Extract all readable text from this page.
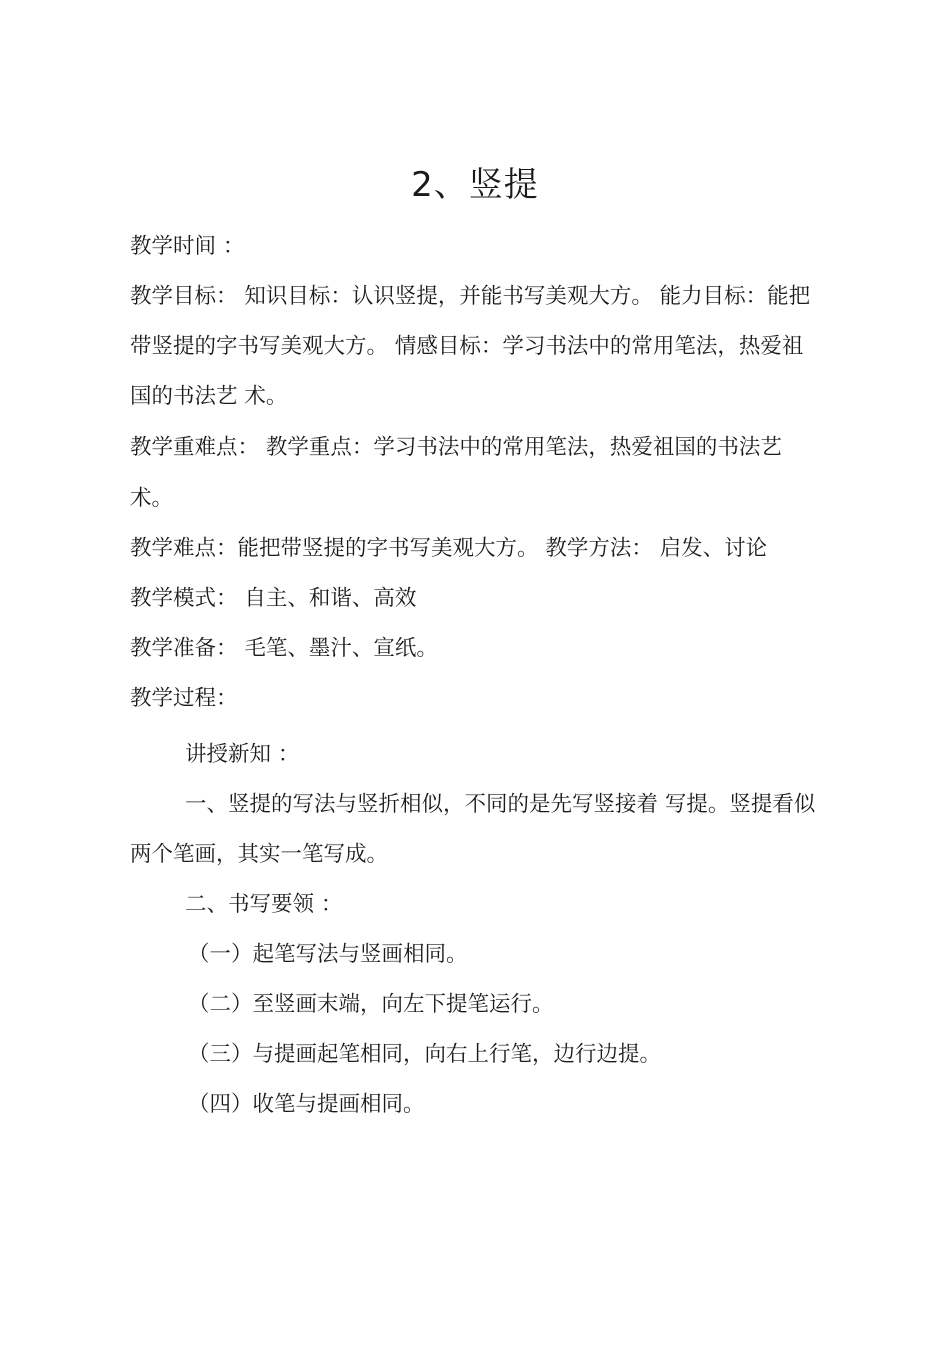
2、竖提

教学时间 ：

教学目标： 知识目标：认识竖提，并能书写美观大方。 能力目标：能把带竖提的字书写美观大方。 情感目标：学习书法中的常用笔法，热爱祖国的书法艺 术。

教学重难点： 教学重点：学习书法中的常用笔法，热爱祖国的书法艺 术。

教学难点：能把带竖提的字书写美观大方。 教学方法： 启发、讨论

教学模式： 自主、和谐、高效

教学准备： 毛笔、墨汁、宣纸。

教学过程：

讲授新知 ：

一、竖提的写法与竖折相似，不同的是先写竖接着 写提。竖提看似两个笔画，其实一笔写成。

二、书写要领 ：

（一）起笔写法与竖画相同。

（二）至竖画末端，向左下提笔运行。

（三）与提画起笔相同，向右上行笔，边行边提。

（四）收笔与提画相同。
